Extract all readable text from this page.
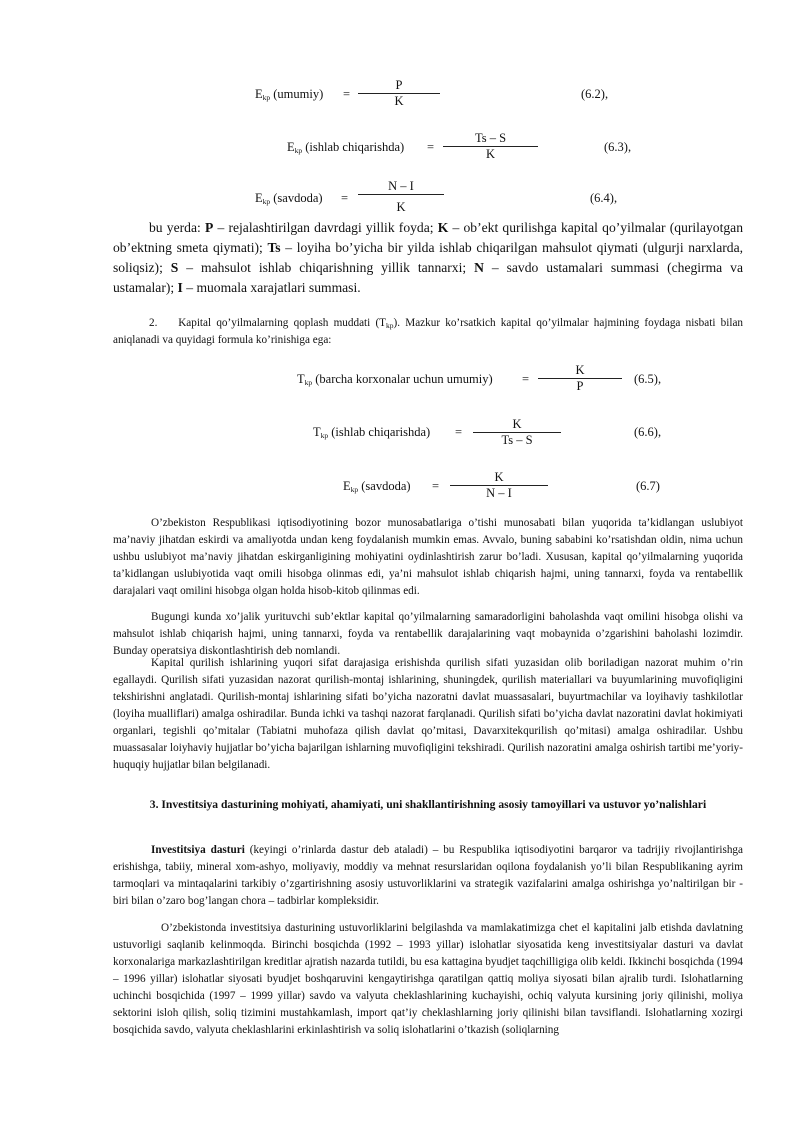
$E_{kp}$ (umumiy) =
P
K	(6.2),
$E_{kp}$ (ishlab chiqarishda) =
Ts – S
K	(6.3),
$E_{kp}$ (savdoda) =
N – I
K
(6.4),
bu yerda: P – rejalashtirilgan davrdagi yillik foyda; K – ob’ekt qurilishga kapital qo’yilmalar (qurilayotgan ob’ektning smeta qiymati); Ts – loyiha bo’yicha bir yilda ishlab chiqarilgan mahsulot qiymati (ulgurji narxlarda, soliqsiz); S – mahsulot ishlab chiqarishning yillik tannarxi; N – savdo ustamalari summasi (chegirma va ustamalar); I – muomala xarajatlari summasi.
2. Kapital qo’yilmalarning qoplash muddati $(T_{kp})$. Mazkur ko’rsatkich kapital qo’yilmalar hajmining foydaga nisbati bilan aniqlanadi va quyidagi formula ko’rinishiga ega:
$T_{kp}$ (barcha korxonalar uchun umumiy) =
K
P	(6.5),
$T_{kp}$ (ishlab chiqarishda) =
K
Ts – S
(6.6),
$E_{kp}$ (savdoda) =
K
N – I	(6.7)
O’zbekiston Respublikasi iqtisodiyotining bozor munosabatlariga o’tishi munosabati bilan yuqorida ta’kidlangan uslubiyot ma’naviy jihatdan eskirdi va amaliyotda undan keng foydalanish mumkin emas. Avvalo, buning sababini ko’rsatishdan oldin, nima uchun ushbu uslubiyot ma’naviy jihatdan eskirganligining mohiyatini oydinlashtirish zarur bo’ladi. Xususan, kapital qo’yilmalarning yuqorida ta’kidlangan uslubiyotida vaqt omili hisobga olinmas edi, ya’ni mahsulot ishlab chiqarish hajmi, uning tannarxi, foyda va rentabellik darajalari vaqt omilini hisobga olgan holda hisob-kitob qilinmas edi.
Bugungi kunda xo’jalik yurituvchi sub’ektlar kapital qo’yilmalarning samaradorligini baholashda vaqt omilini hisobga olishi va mahsulot ishlab chiqarish hajmi, uning tannarxi, foyda va rentabellik darajalarining vaqt mobaynida o’zgarishini baholashi lozimdir. Bunday operatsiya diskontlashtirish deb nomlandi.
Kapital qurilish ishlarining yuqori sifat darajasiga erishishda qurilish sifati yuzasidan olib boriladigan nazorat muhim o’rin egallaydi. Qurilish sifati yuzasidan nazorat qurilish-montaj ishlarining, shuningdek, qurilish materiallari va buyumlarining muvofiqligini tekshirishni anglatadi. Qurilish-montaj ishlarining sifati bo’yicha nazoratni davlat muassasalari, buyurtmachilar va loyihaviy tashkilotlar (loyiha mualliflari) amalga oshiradilar. Bunda ichki va tashqi nazorat farqlanadi. Qurilish sifati bo’yicha davlat nazoratini davlat hokimiyati organlari, tegishli qo’mitalar (Tabiatni muhofaza qilish davlat qo’mitasi, Davarxitekqurilish qo’mitasi) amalga oshiradilar. Ushbu muassasalar loiyhaviy hujjatlar bo’yicha bajarilgan ishlarning muvofiqligini tekshiradi. Qurilish nazoratini amalga oshirish tartibi me’yoriy-huquqiy hujjatlar bilan belgilanadi.
3. Investitsiya dasturining mohiyati, ahamiyati, uni shakllantirishning asosiy tamoyillari va ustuvor yo’nalishlari
Investitsiya dasturi (keyingi o’rinlarda dastur deb ataladi) – bu Respublika iqtisodiyotini barqaror va tadrijiy rivojlantirishga erishishga, tabiiy, mineral xom-ashyo, moliyaviy, moddiy va mehnat resurslaridan oqilona foydalanish yo’li bilan Respublikaning ayrim tarmoqlari va mintaqalarini tarkibiy o’zgartirishning asosiy ustuvorliklarini va strategik vazifalarini amalga oshirishga yo’naltirilgan bir - biri bilan o’zaro bog’langan chora – tadbirlar kompleksidir.
O’zbekistonda investitsiya dasturining ustuvorliklarini belgilashda va mamlakatimizga chet el kapitalini jalb etishda davlatning ustuvorligi saqlanib kelinmoqda. Birinchi bosqichda (1992 – 1993 yillar) islohatlar siyosatida keng investitsiyalar dasturi va davlat korxonalariga markazlashtirilgan kreditlar ajratish nazarda tutildi, bu esa kattagina byudjet taqchilligiga olib keldi. Ikkinchi bosqichda (1994 – 1996 yillar) islohatlar siyosati byudjet boshqaruvini kengaytirishga qaratilgan qattiq moliya siyosati bilan ajralib turdi. Islohatlarning uchinchi bosqichida (1997 – 1999 yillar) savdo va valyuta cheklashlarining kuchayishi, ochiq valyuta kursining joriy qilinishi, moliya sektorini isloh qilish, soliq tizimini mustahkamlash, import qat’iy cheklashlarning joriy qilinishi bilan tavsiflandi. Islohatlarning xozirgi bosqichida savdo, valyuta cheklashlarini erkinlashtirish va soliq islohatlarini o’tkazish (soliqlarning
